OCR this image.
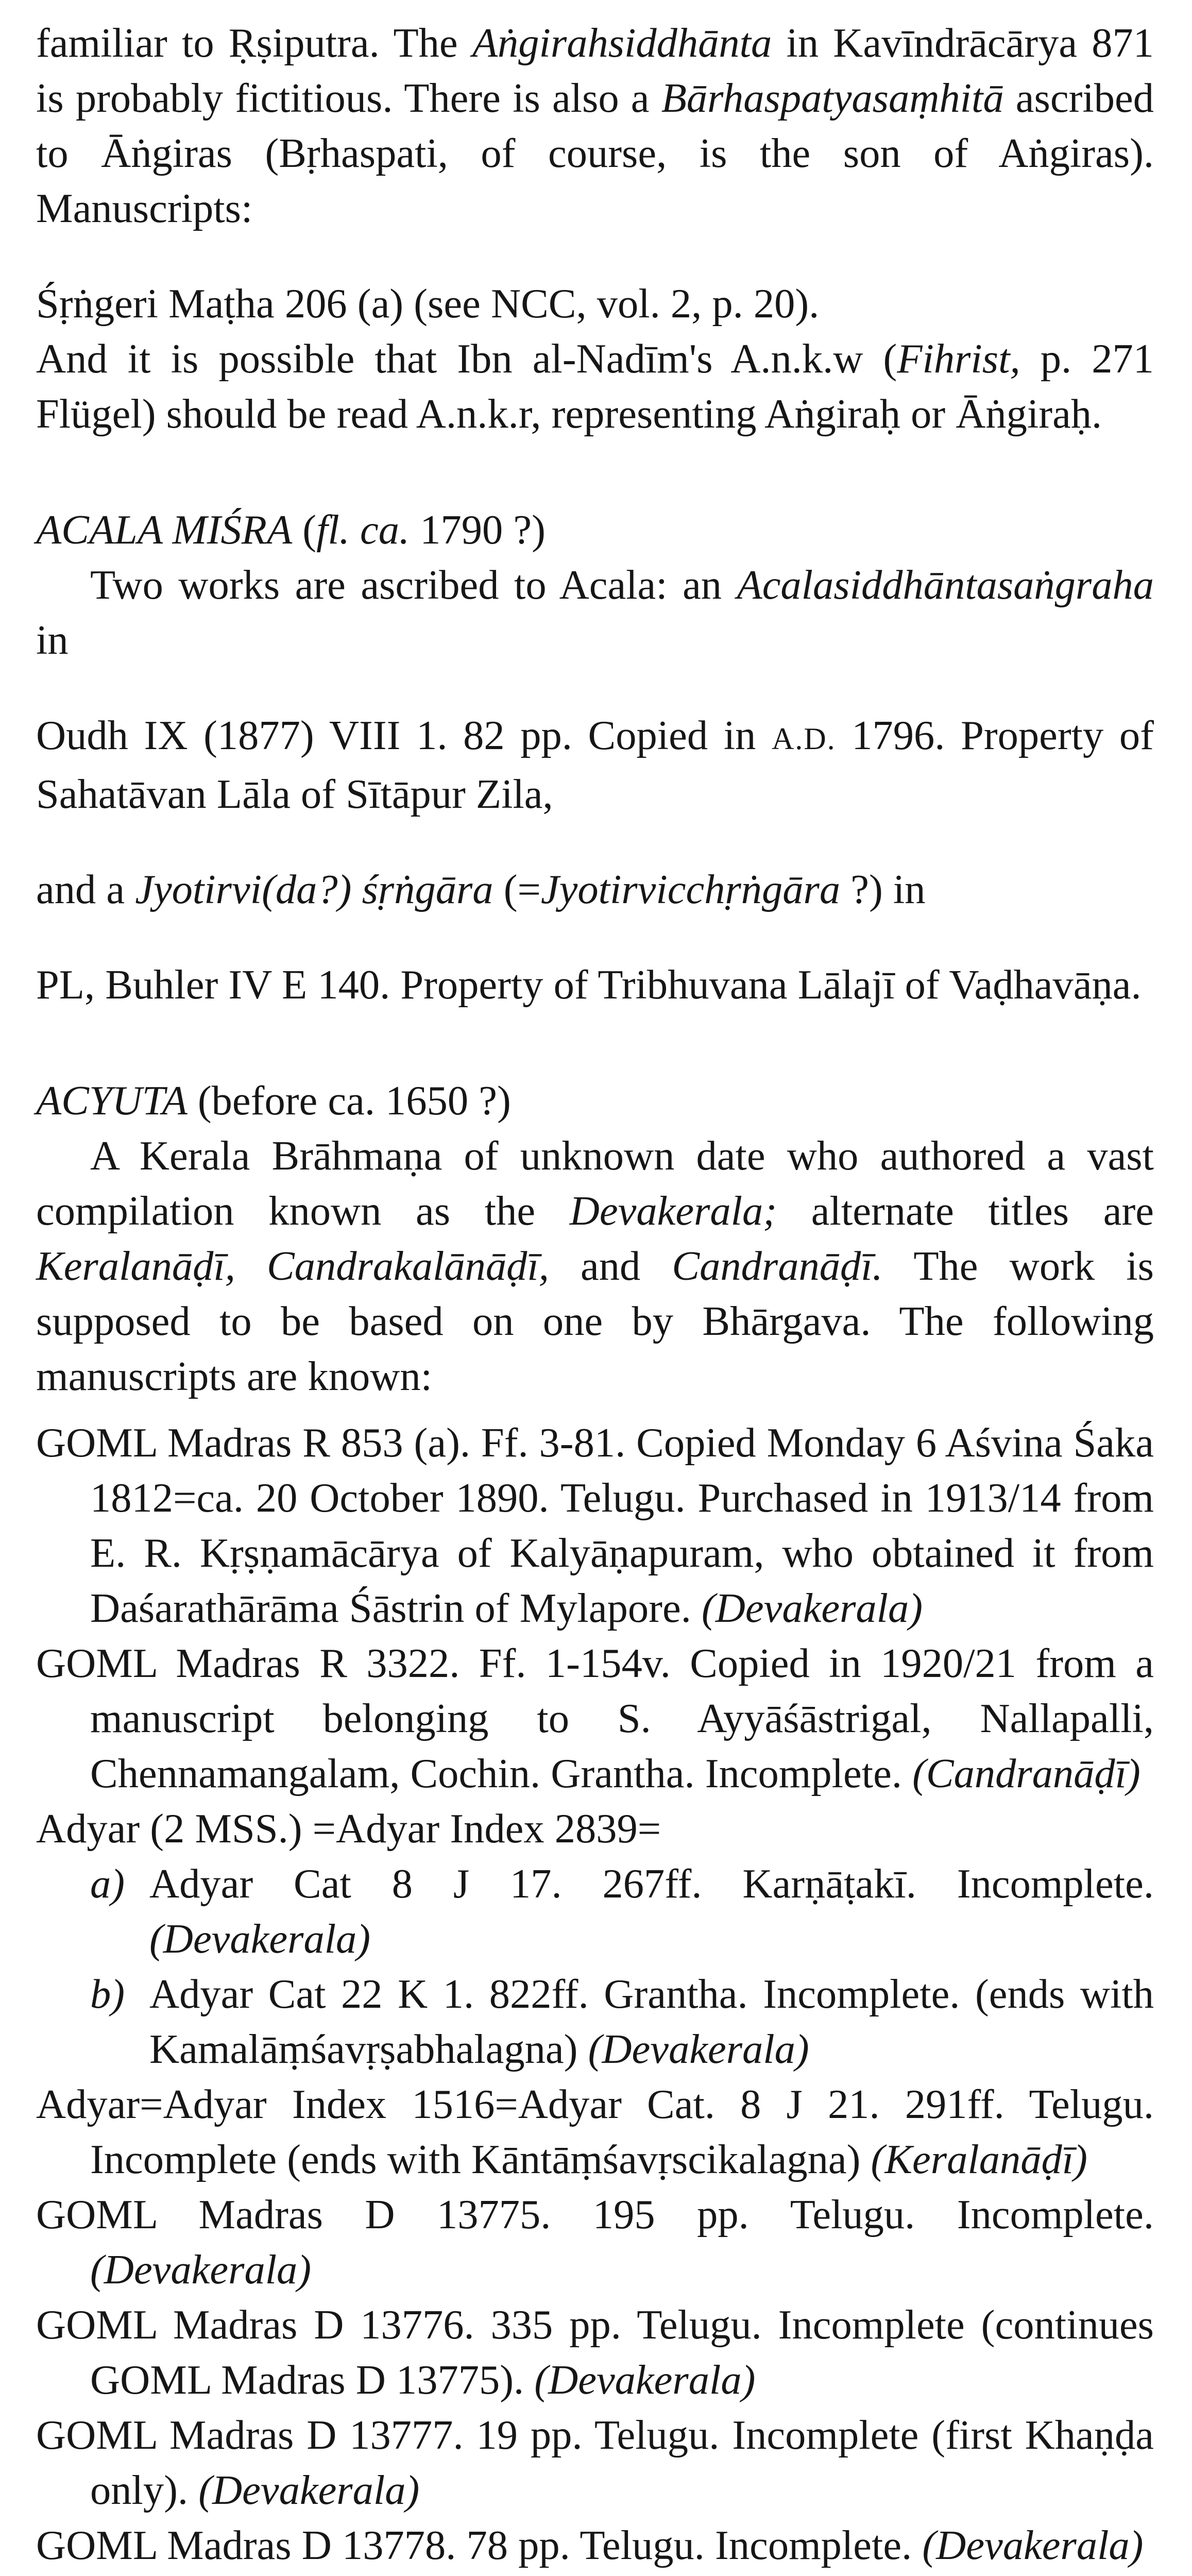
familiar to Ṛṣiputra. The Aṅgirahsiddhānta in Kavīndrācārya 871 is probably fictitious. There is also a Bārhaspatyasaṃhitā ascribed to Āṅgiras (Bṛhaspati, of course, is the son of Aṅgiras). Manuscripts:

Śṛṅgeri Maṭha 206 (a) (see NCC, vol. 2, p. 20).

And it is possible that Ibn al-Nadīm's A.n.k.w (Fihrist, p. 271 Flügel) should be read A.n.k.r, representing Aṅgiraḥ or Āṅgiraḥ.

ACALA MIŚRA (fl. ca. 1790 ?)

Two works are ascribed to Acala: an Acalasiddhāntasaṅgraha in

Oudh IX (1877) VIII 1. 82 pp. Copied in A.D. 1796. Property of Sahatāvan Lāla of Sītāpur Zila,

and a Jyotirvi(da?) śṛṅgāra (=Jyotirvicchṛṅgāra ?) in

PL, Buhler IV E 140. Property of Tribhuvana Lālajī of Vaḍhavāṇa.

ACYUTA (before ca. 1650 ?)

A Kerala Brāhmaṇa of unknown date who authored a vast compilation known as the Devakerala; alternate titles are Keralanāḍī, Candrakalānāḍī, and Candranāḍī. The work is supposed to be based on one by Bhārgava. The following manuscripts are known:

GOML Madras R 853 (a). Ff. 3-81. Copied Monday 6 Aśvina Śaka 1812=ca. 20 October 1890. Telugu. Purchased in 1913/14 from E. R. Kṛṣṇamācārya of Kalyāṇapuram, who obtained it from Daśarathārāma Śāstrin of Mylapore. (Devakerala)

GOML Madras R 3322. Ff. 1-154v. Copied in 1920/21 from a manuscript belonging to S. Ayyāśāstrigal, Nallapalli, Chennamangalam, Cochin. Grantha. Incomplete. (Candranāḍī)

Adyar (2 MSS.) =Adyar Index 2839=

a) Adyar Cat 8 J 17. 267ff. Karṇāṭakī. Incomplete. (Devakerala)

b) Adyar Cat 22 K 1. 822ff. Grantha. Incomplete. (ends with Kamalāṃśavṛṣabhalagna) (Devakerala)

Adyar=Adyar Index 1516=Adyar Cat. 8 J 21. 291ff. Telugu. Incomplete (ends with Kāntāṃśavṛscikalagna) (Keralanāḍī)

GOML Madras D 13775. 195 pp. Telugu. Incomplete. (Devakerala)

GOML Madras D 13776. 335 pp. Telugu. Incomplete (continues GOML Madras D 13775). (Devakerala)

GOML Madras D 13777. 19 pp. Telugu. Incomplete (first Khaṇḍa only). (Devakerala)

GOML Madras D 13778. 78 pp. Telugu. Incomplete. (Devakerala)
